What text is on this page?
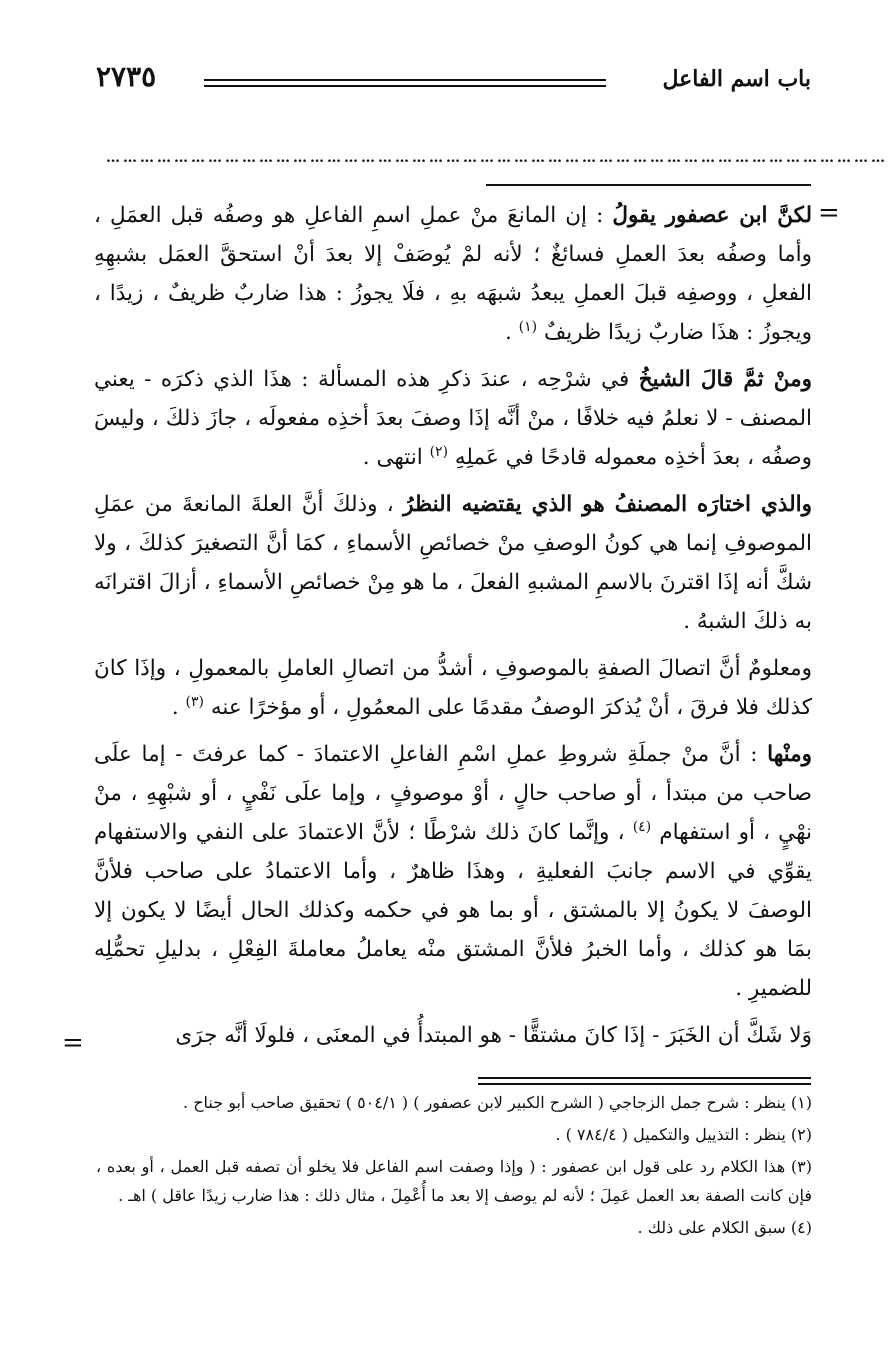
باب اسم الفاعل
٢٧٣٥
…………………………………………………………………………………………………………………………
=
=

لكنَّ ابن عصفور يقولُ : إن المانعَ منْ عملِ اسمِ الفاعلِ هو وصفُه قبل العمَلِ ، وأما وصفُه بعدَ العملِ فسائغٌ ؛ لأنه لمْ يُوصَفْ إلا بعدَ أنْ استحقَّ العمَل بشبهِهِ الفعلِ ، ووصفِه قبلَ العملِ يبعدُ شبهَه بهِ ، فلَا يجوزُ : هذا ضاربٌ ظريفٌ ، زيدًا ، ويجوزُ : هذَا ضاربٌ زيدًا ظريفٌ $^{(١)}$ .

ومنْ ثمَّ قالَ الشيخُ في شرْحِه ، عندَ ذكرِ هذه المسألة : هذَا الذي ذكرَه - يعني المصنف - لا نعلمُ فيه خلافًا ، منْ أنَّه إذَا وصفَ بعدَ أخذِه مفعولَه ، جازَ ذلكَ ، وليسَ وصفُه ، بعدَ أخذِه معموله قادحًا في عَملِهِ $^{(٢)}$ انتهى .

والذي اختارَه المصنفُ هو الذي يقتضيه النظرُ ، وذلكَ أنَّ العلةَ المانعةَ من عمَلِ الموصوفِ إنما هي كونُ الوصفِ منْ خصائصِ الأسماءِ ، كمَا أنَّ التصغيرَ كذلكَ ، ولا شكَّ أنه إذَا اقترنَ بالاسمِ المشبهِ الفعلَ ، ما هو مِنْ خصائصِ الأسماءِ ، أزالَ اقترانَه به ذلكَ الشبهُ .

ومعلومٌ أنَّ اتصالَ الصفةِ بالموصوفِ ، أشدُّ من اتصالِ العاملِ بالمعمولِ ، وإذَا كانَ كذلك فلا فرقَ ، أنْ يُذكرَ الوصفُ مقدمًا على المعمُولِ ، أو مؤخرًا عنه $^{(٣)}$ .

ومنْها : أنَّ منْ جملَةِ شروطِ عملِ اسْمِ الفاعلِ الاعتمادَ - كما عرفتَ - إما علَى صاحب من مبتدأ ، أو صاحب حالٍ ، أوْ موصوفٍ ، وإما علَى نَفْيٍ ، أو شبْهِهِ ، منْ نهْيٍ ، أو استفهام $^{(٤)}$ ، وإنَّما كانَ ذلك شرْطًا ؛ لأنَّ الاعتمادَ على النفي والاستفهام يقوِّي في الاسم جانبَ الفعليةِ ، وهذَا ظاهرٌ ، وأما الاعتمادُ على صاحب فلأنَّ الوصفَ لا يكونُ إلا بالمشتق ، أو بما هو في حكمه وكذلك الحال أيضًا لا يكون إلا بمَا هو كذلك ، وأما الخبرُ فلأنَّ المشتق منْه يعاملُ معاملةَ الفِعْلِ ، بدليلِ تحمُّلِه للضميرِ .

وَلا شَكَّ أن الخَبَرَ - إذَا كانَ مشتقًّا - هو المبتدأُ في المعنَى ، فلولَا أنَّه جرَى

(١) ينظر : شرح جمل الزجاجي ( الشرح الكبير لابن عصفور ) ( ٥٠٤/١ ) تحقيق صاحب أبو جناح .

(٢) ينظر : التذييل والتكميل ( ٧٨٤/٤ ) .

(٣) هذا الكلام رد على قول ابن عصفور : ( وإذا وصفت اسم الفاعل فلا يخلو أن تصفه قبل العمل ، أو بعده ، فإن كانت الصفة بعد العمل عَمِلَ ؛ لأنه لم يوصف إلا بعد ما أُعْمِلَ ، مثال ذلك : هذا ضارب زيدًا عاقل ) اهـ .

(٤) سبق الكلام على ذلك .
